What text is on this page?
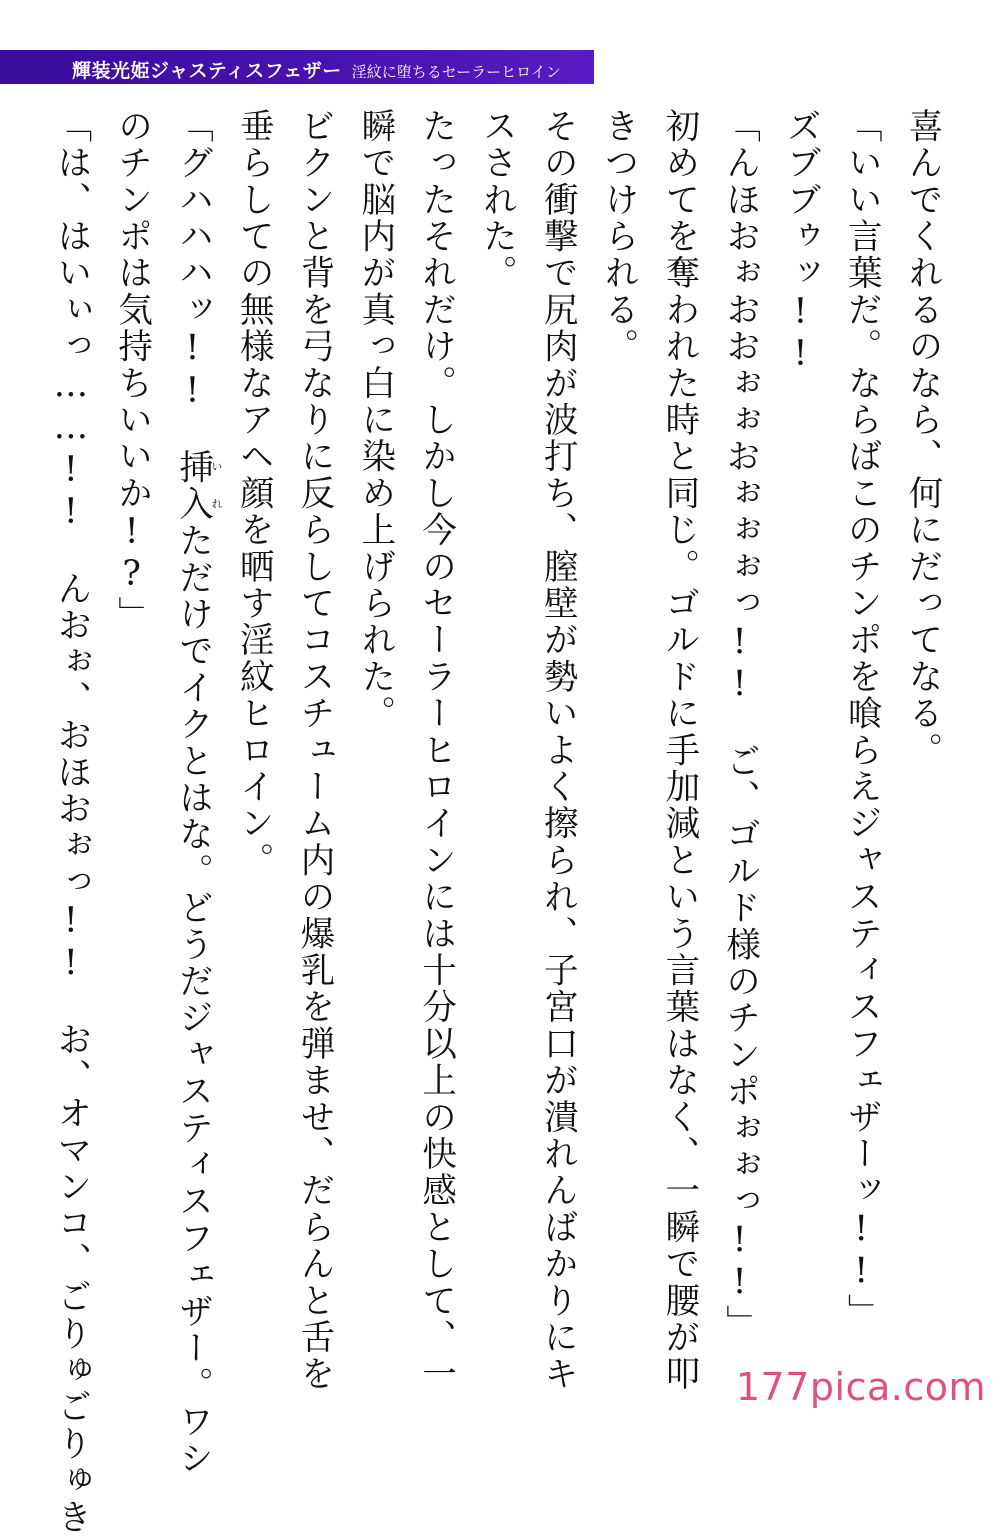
輝装光姫ジャスティスフェザー 淫紋に堕ちるセーラーヒロイン
喜んでくれるのなら、何にだってなる。
「いい言葉だ。ならばこのチンポを喰らえジャスティスフェザーッ!!」
ズブブゥッ!!
「んほおぉおおぉぉおぉぉぉっ!!　ご、ゴルド様のチンポぉぉっ!!」
初めてを奪われた時と同じ。ゴルドに手加減という言葉はなく、一瞬で腰が叩
きつけられる。
その衝撃で尻肉が波打ち、膣壁が勢いよく擦られ、子宮口が潰れんばかりにキ
スされた。
たったそれだけ。しかし今のセーラーヒロインには十分以上の快感として、一
瞬で脳内が真っ白に染め上げられた。
ビクンと背を弓なりに反らしてコスチューム内の爆乳を弾ませ、だらんと舌を
垂らしての無様なアヘ顔を晒す淫紋ヒロイン。
「グハハハッ!!　挿入いれただけでイクとはな。どうだジャスティスフェザー。ワシ
のチンポは気持ちいいか!?」
「は、はいぃっ……!!　んおぉ、おほおぉっ!!　お、オマンコ、ごりゅごりゅき	177pica.com
